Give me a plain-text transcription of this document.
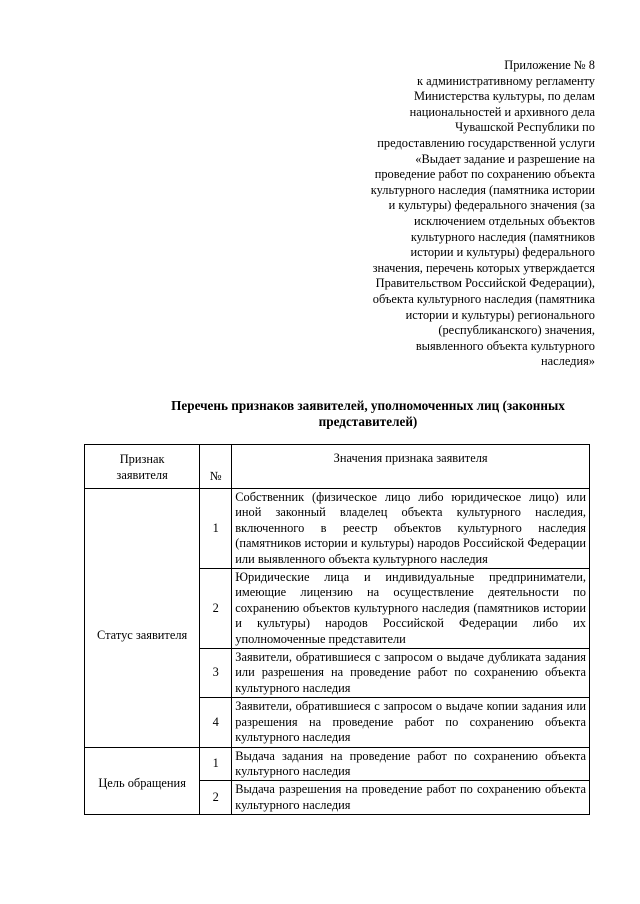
Приложение № 8
к административному регламенту
Министерства культуры, по делам
национальностей и архивного дела
Чувашской Республики по
предоставлению государственной услуги
«Выдает задание и разрешение на
проведение работ по сохранению объекта
культурного наследия (памятника истории
и культуры) федерального значения (за
исключением отдельных объектов
культурного наследия (памятников
истории и культуры) федерального
значения, перечень которых утверждается
Правительством Российской Федерации),
объекта культурного наследия (памятника
истории и культуры) регионального
(республиканского) значения,
выявленного объекта культурного
наследия»
Перечень признаков заявителей, уполномоченных лиц (законных
представителей)
Признак
заявителя	№	Значения признака заявителя
Статус заявителя	1	Собственник (физическое лицо либо юридическое лицо) или иной законный владелец объекта культурного наследия, включенного в реестр объектов культурного наследия (памятников истории и культуры) народов Российской Федерации или выявленного объекта культурного наследия
	2	Юридические лица и индивидуальные предприниматели, имеющие лицензию на осуществление деятельности по сохранению объектов культурного наследия (памятников истории и культуры) народов Российской Федерации либо их уполномоченные представители
	3	Заявители, обратившиеся с запросом о выдаче дубликата задания или разрешения на проведение работ по сохранению объекта культурного наследия
	4	Заявители, обратившиеся с запросом о выдаче копии задания или разрешения на проведение работ по сохранению объекта культурного наследия
Цель обращения	1	Выдача задания на проведение работ по сохранению объекта культурного наследия
	2	Выдача разрешения на проведение работ по сохранению объекта культурного наследия
